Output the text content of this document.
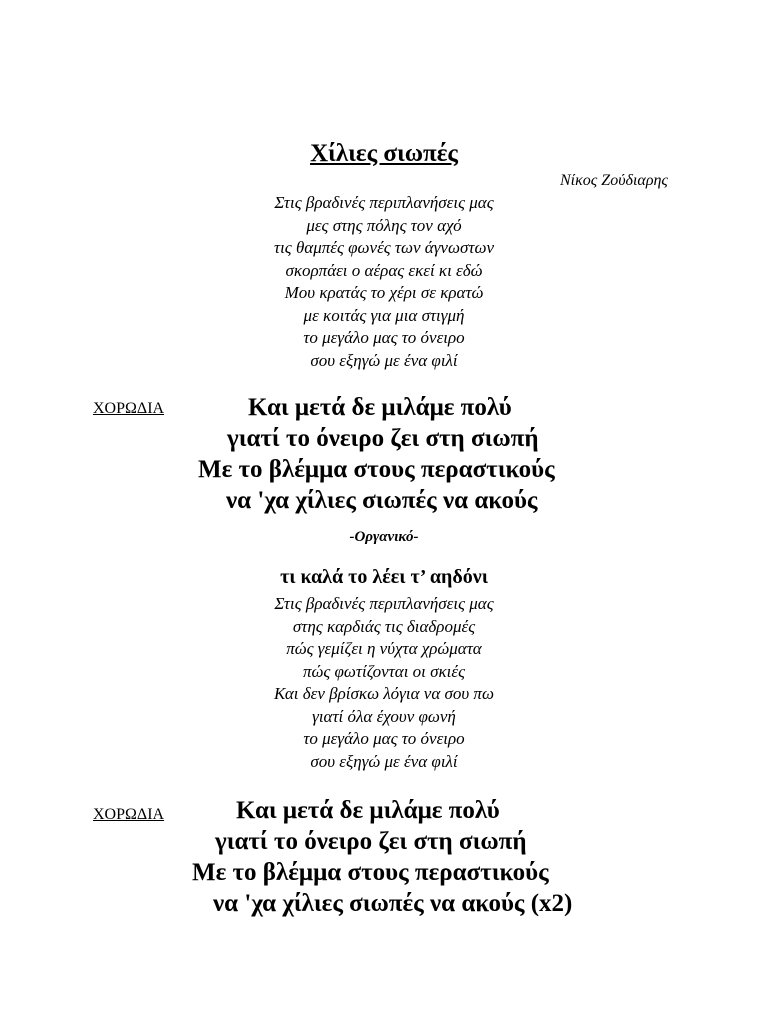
Χίλιες σιωπές
Νίκος Ζούδιαρης
Στις βραδινές περιπλανήσεις μας
μες στης πόλης τον αχό
τις θαμπές φωνές των άγνωστων
σκορπάει ο αέρας εκεί κι εδώ
Μου κρατάς το χέρι σε κρατώ
με κοιτάς για μια στιγμή
το μεγάλο μας το όνειρο
σου εξηγώ με ένα φιλί
ΧΟΡΩΔΙΑ	Και μετά δε μιλάμε πολύ
γιατί το όνειρο ζει στη σιωπή
Με το βλέμμα στους περαστικούς
να 'χα χίλιες σιωπές να ακούς
-Οργανικό-
τι καλά το λέει τ’ αηδόνι
Στις βραδινές περιπλανήσεις μας
στης καρδιάς τις διαδρομές
πώς γεμίζει η νύχτα χρώματα
πώς φωτίζονται οι σκιές
Και δεν βρίσκω λόγια να σου πω
γιατί όλα έχουν φωνή
το μεγάλο μας το όνειρο
σου εξηγώ με ένα φιλί
ΧΟΡΩΔΙΑ	Και μετά δε μιλάμε πολύ
γιατί το όνειρο ζει στη σιωπή
Με το βλέμμα στους περαστικούς
να 'χα χίλιες σιωπές να ακούς (x2)
